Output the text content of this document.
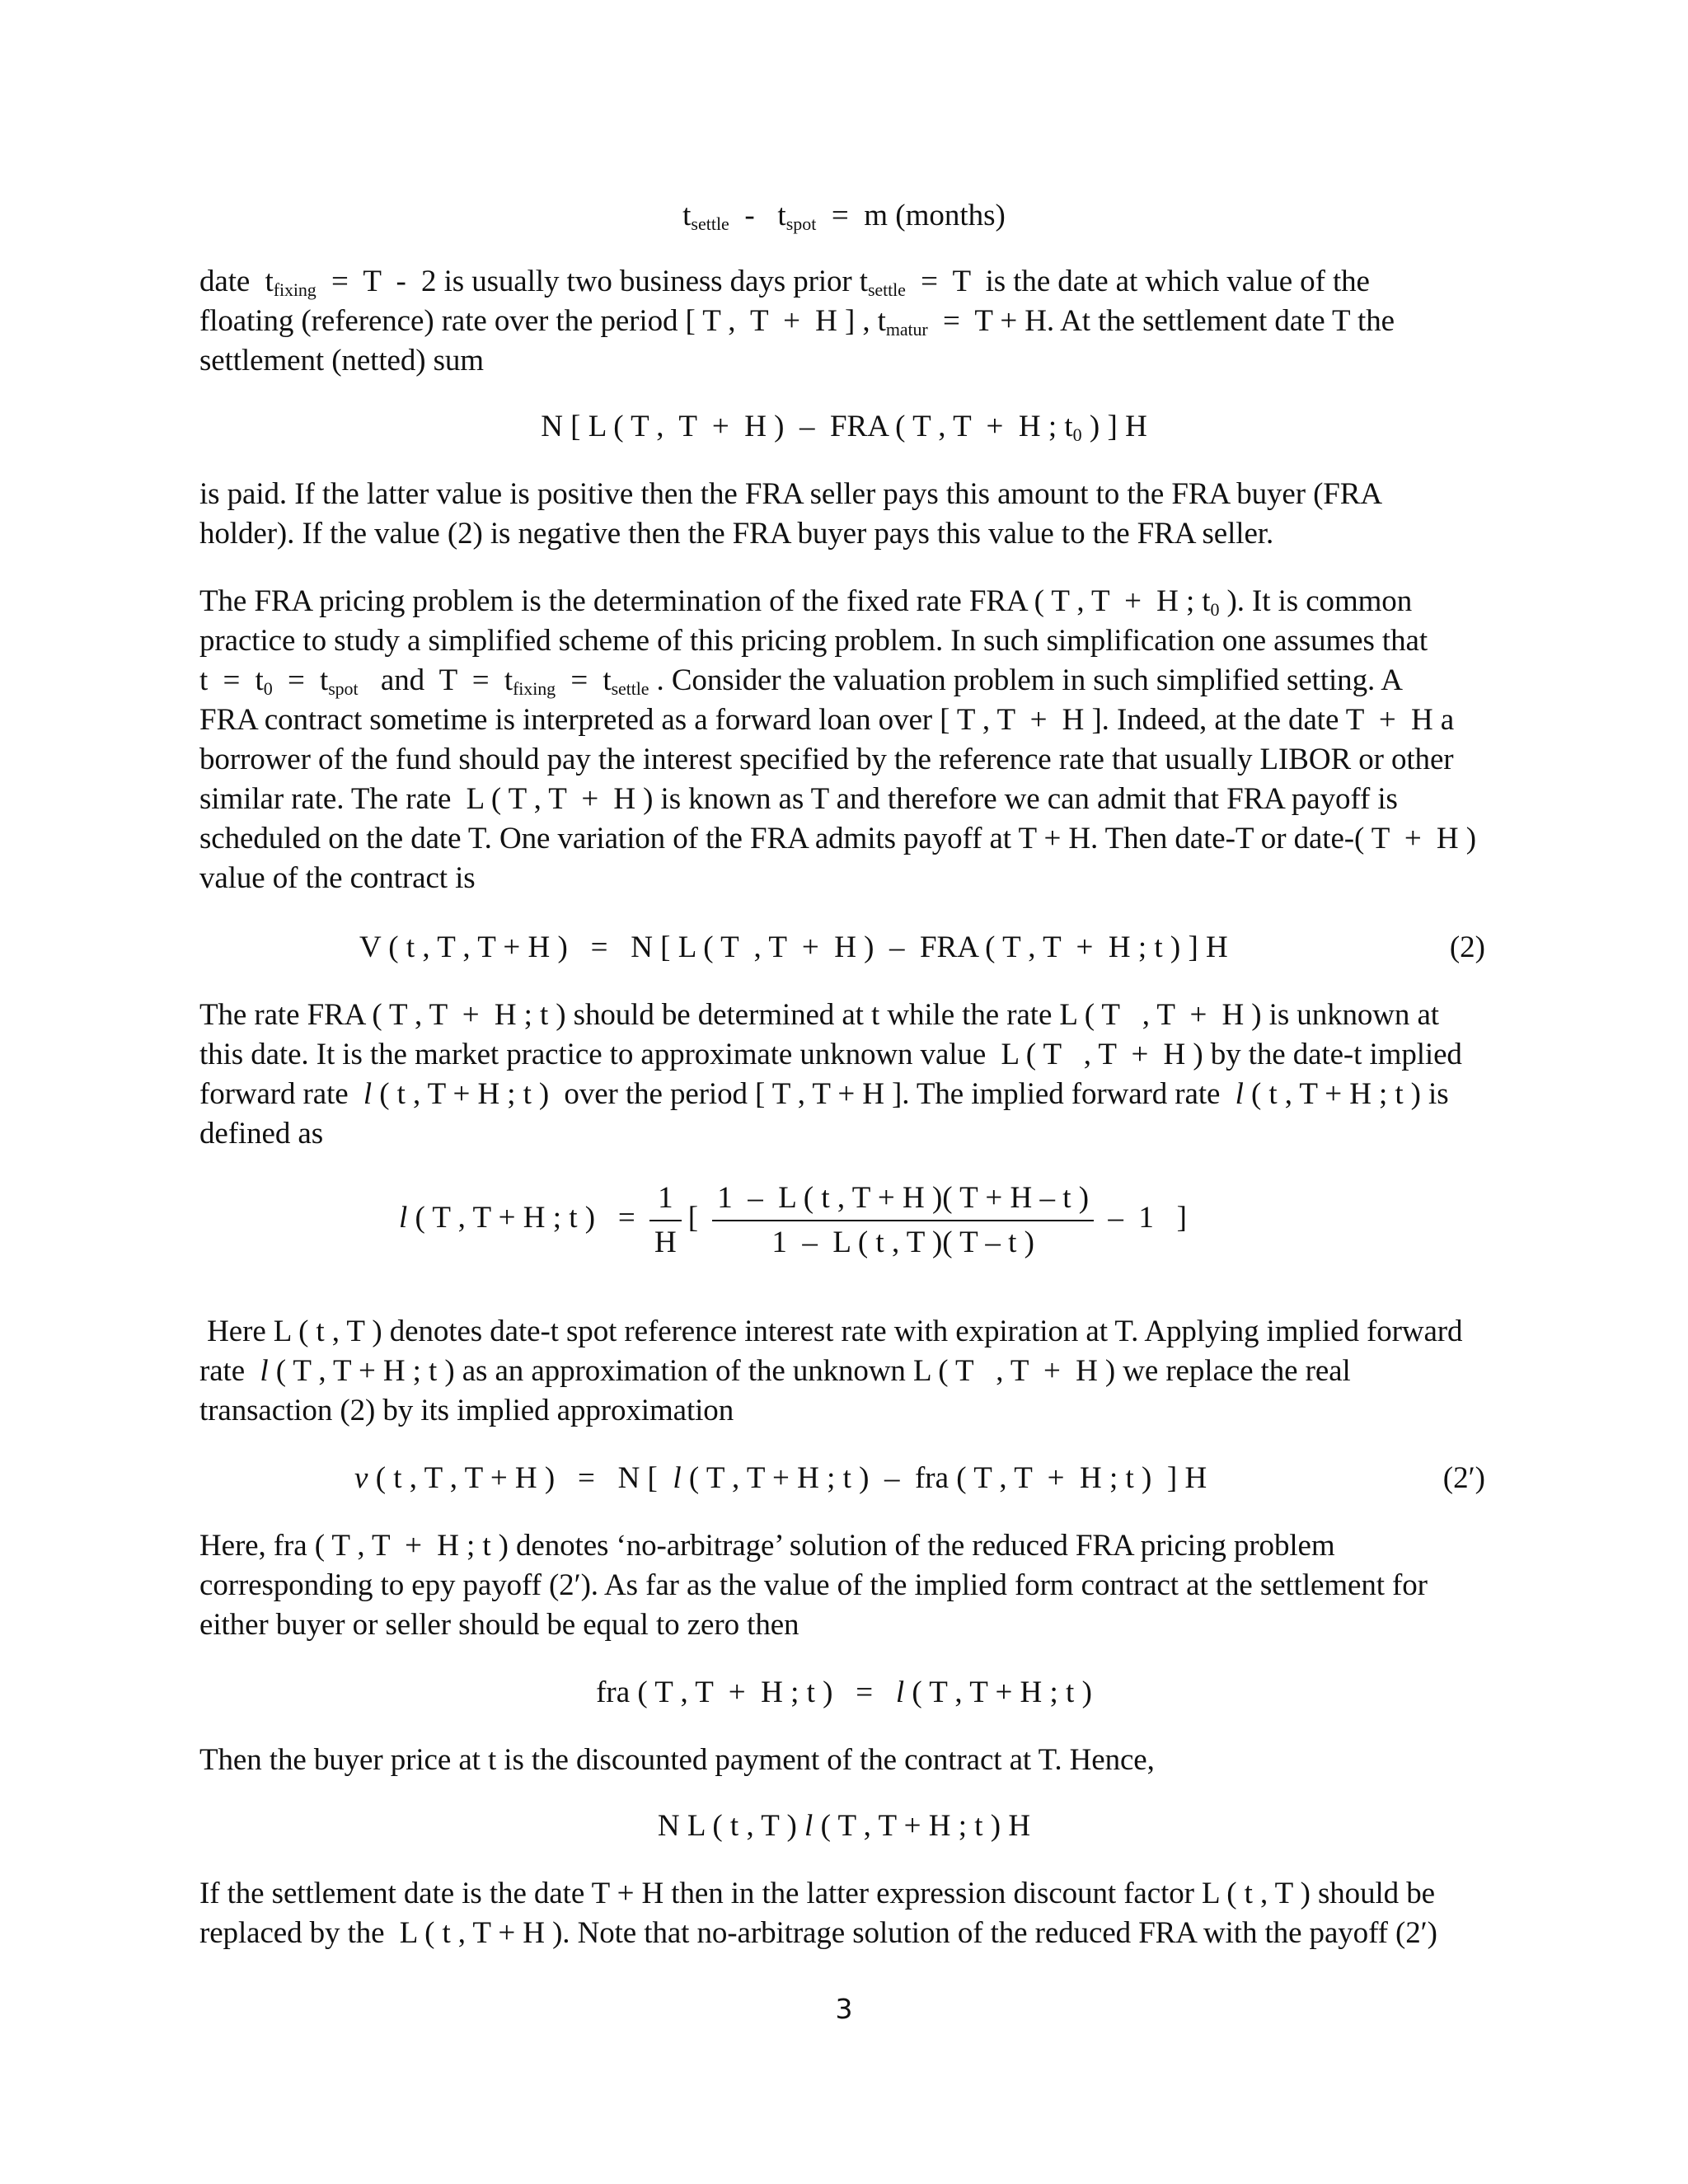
$t_{settle} - t_{spot} = m$ (months)
date  $t_{fixing} = T - 2$ is usually two business days prior $t_{settle} = T$  is the date at which value of the
floating (reference) rate over the period [ T ,  T  +  H ] , $t_{matur} = T + H$. At the settlement date T the
settlement (netted) sum
N [ L ( T ,  T  +  H )  –  FRA ( T , T  +  H ; $t_0$ ) ] H
is paid. If the latter value is positive then the FRA seller pays this amount to the FRA buyer (FRA
holder). If the value (2) is negative then the FRA buyer pays this value to the FRA seller.
The FRA pricing problem is the determination of the fixed rate FRA ( T , T  +  H ; $t_0$ ). It is common
practice to study a simplified scheme of this pricing problem. In such simplification one assumes that
$t = t_0 = t_{spot}$   and  $T = t_{fixing} = t_{settle}$ . Consider the valuation problem in such simplified setting. A
FRA contract sometime is interpreted as a forward loan over [ T , T  +  H ]. Indeed, at the date T  +  H a
borrower of the fund should pay the interest specified by the reference rate that usually LIBOR or other
similar rate. The rate  L ( T , T  +  H ) is known as T and therefore we can admit that FRA payoff is
scheduled on the date T. One variation of the FRA admits payoff at T + H. Then date-T or date-( T  +  H )
value of the contract is
V ( t , T , T + H )   =   N [ L ( T  , T  +  H )  –  FRA ( T , T  +  H ; t ) ] H	(2)
The rate FRA ( T , T  +  H ; t ) should be determined at t while the rate L ( T   , T  +  H ) is unknown at
this date. It is the market practice to approximate unknown value  L ( T   , T  +  H ) by the date-t implied
forward rate  l ( t , T + H ; t )  over the period [ T , T + H ]. The implied forward rate  l ( t , T + H ; t ) is
defined as
l ( T , T + H ; t )   = $\frac{1}{H}$ [ $\frac{1 - L ( t , T + H )( T + H - t )}{1 - L ( t , T )( T - t )} - 1$   ]
Here L ( t , T ) denotes date-t spot reference interest rate with expiration at T. Applying implied forward
rate  l ( T , T + H ; t ) as an approximation of the unknown L ( T   , T  +  H ) we replace the real
transaction (2) by its implied approximation
v ( t , T , T + H )   =   N [  l ( T , T + H ; t )  –  fra ( T , T  +  H ; t )  ] H	(2′)
Here, fra ( T , T  +  H ; t ) denotes ‘no-arbitrage’ solution of the reduced FRA pricing problem
corresponding to epy payoff (2′). As far as the value of the implied form contract at the settlement for
either buyer or seller should be equal to zero then
fra ( T , T  +  H ; t )   =   l ( T , T + H ; t )
Then the buyer price at t is the discounted payment of the contract at T. Hence,
N L ( t , T ) l ( T , T + H ; t ) H
If the settlement date is the date T + H then in the latter expression discount factor L ( t , T ) should be
replaced by the  L ( t , T + H ). Note that no-arbitrage solution of the reduced FRA with the payoff (2′)
3
